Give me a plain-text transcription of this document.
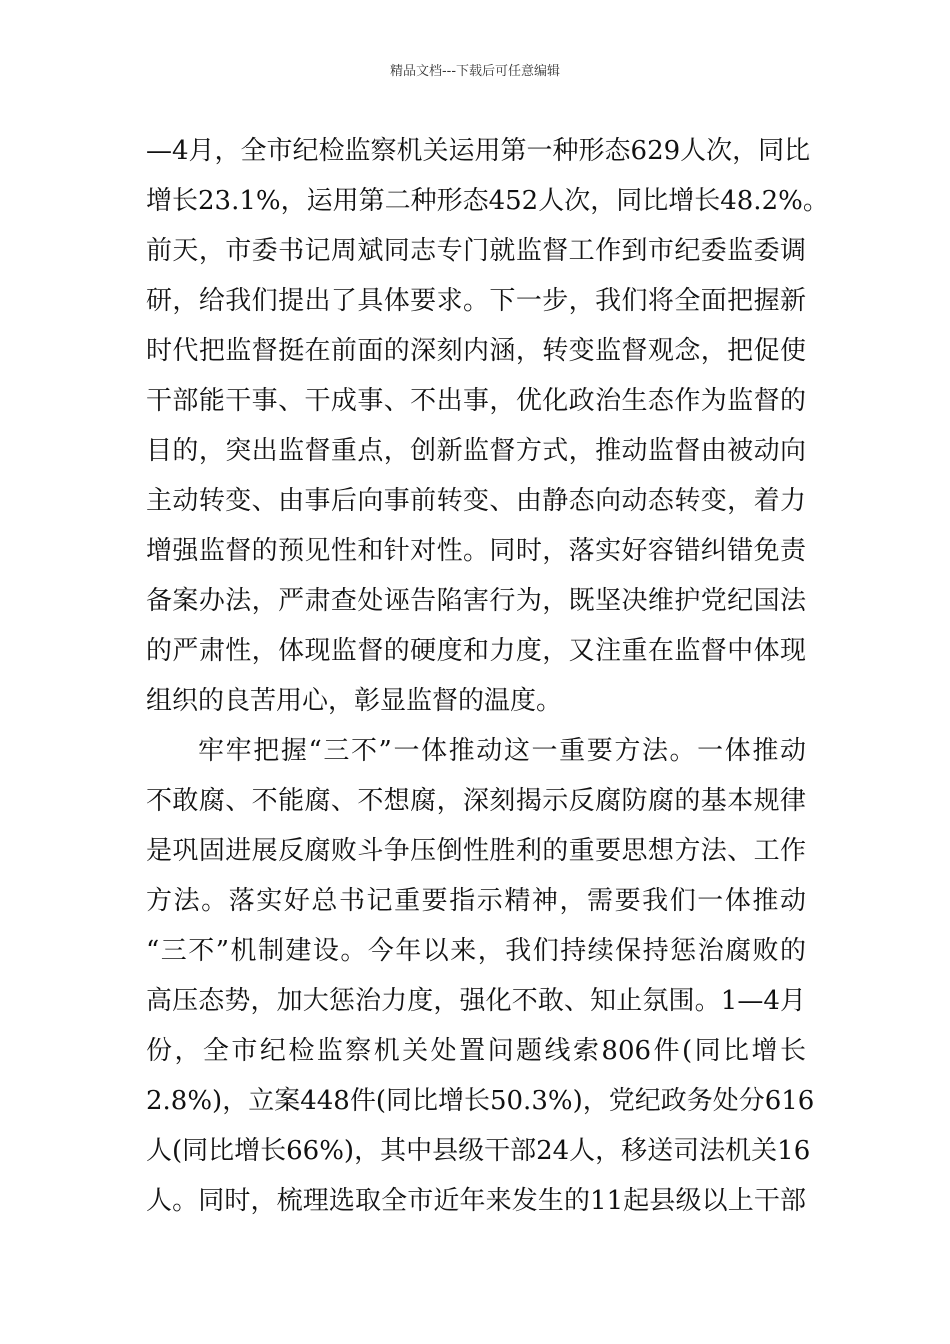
精品文档---下载后可任意编辑
—4月，全市纪检监察机关运用第一种形态629人次，同比
增长23.1%，运用第二种形态452人次，同比增长48.2%。
前天，市委书记周斌同志专门就监督工作到市纪委监委调
研，给我们提出了具体要求。下一步，我们将全面把握新
时代把监督挺在前面的深刻内涵，转变监督观念，把促使
干部能干事、干成事、不出事，优化政治生态作为监督的
目的，突出监督重点，创新监督方式，推动监督由被动向
主动转变、由事后向事前转变、由静态向动态转变，着力
增强监督的预见性和针对性。同时，落实好容错纠错免责
备案办法，严肃查处诬告陷害行为，既坚决维护党纪国法
的严肃性，体现监督的硬度和力度，又注重在监督中体现
组织的良苦用心，彰显监督的温度。
牢牢把握“三不”一体推动这一重要方法。一体推动
不敢腐、不能腐、不想腐，深刻揭示反腐防腐的基本规律
是巩固进展反腐败斗争压倒性胜利的重要思想方法、工作
方法。落实好总书记重要指示精神，需要我们一体推动
“三不”机制建设。今年以来，我们持续保持惩治腐败的
高压态势，加大惩治力度，强化不敢、知止氛围。1—4月
份，全市纪检监察机关处置问题线索806件(同比增长
2.8%)，立案448件(同比增长50.3%)，党纪政务处分616
人(同比增长66%)，其中县级干部24人，移送司法机关16
人。同时，梳理选取全市近年来发生的11起县级以上干部
